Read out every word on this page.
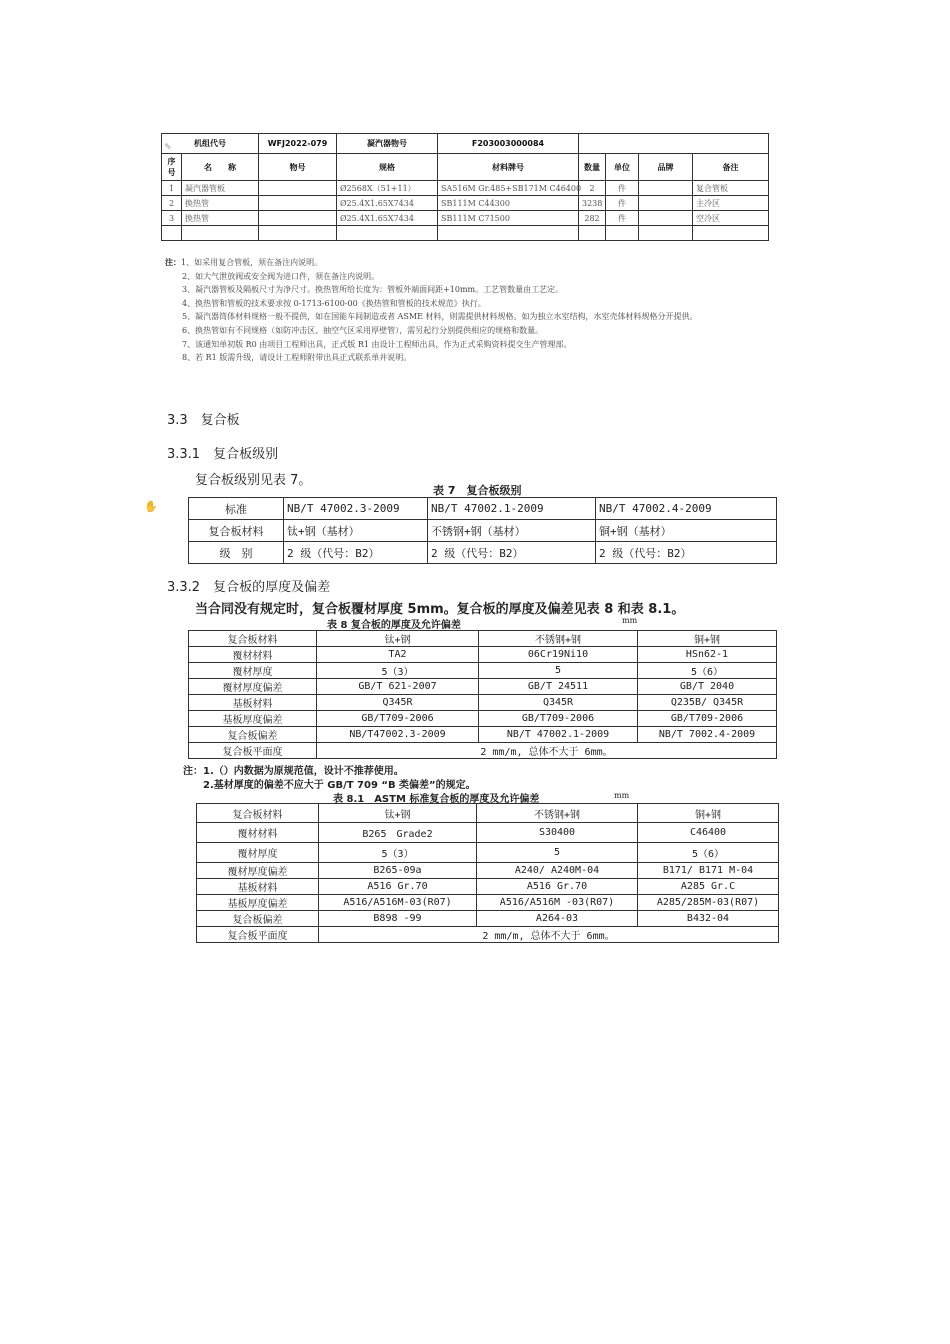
⇖	机组代号		WFJ2022-079	凝汽器物号	F203003000084				
序号	名　　称	物号	规格	材料牌号	数量	单位	品牌	备注
1	凝汽器管板		Ø2568X（51+11）	SA516M Gr.485+SB171M C46400	2	件		复合管板
2	换热管		Ø25.4X1.65X7434	SB111M C44300	3238	件		主冷区
3	换热管		Ø25.4X1.65X7434	SB111M C71500	282	件		空冷区

注：1、如采用复合管板，须在备注内说明。
2、如大气泄放阀或安全阀为进口件，须在备注内说明。
3、凝汽器管板及隔板尺寸为净尺寸。换热管所给长度为：管板外端面间距+10mm。工艺管数量由工艺定。
4、换热管和管板的技术要求按 0-1713-6100-00《换热管和管板的技术规范》执行。
5、凝汽器筒体材料规格一般不提供，如在国能车间制造或者 ASME 材料，则需提供材料规格。如为独立水室结构，水室壳体材料规格分开提供。
6、换热管如有不同规格（如防冲击区、抽空气区采用厚壁管），需另起行分别提供相应的规格和数量。
7、该通知单初版 R0 由项目工程师出具，正式版 R1 由设计工程师出具，作为正式采购资料提交生产管理部。
8、若 R1 版需升级，请设计工程师附带出具正式联系单并说明。
3.3　复合板
3.3.1　复合板级别
复合板级别见表 7。
表 7　复合板级别
✋	标准	NB/T 47002.3-2009	NB/T 47002.1-2009	NB/T 47002.4-2009
复合板材料	钛+钢（基材）	不锈钢+钢（基材）	铜+钢（基材）
级　别	2 级（代号：B2）	2 级（代号：B2）	2 级（代号：B2）
3.3.2　复合板的厚度及偏差
当合同没有规定时，复合板覆材厚度 5mm。复合板的厚度及偏差见表 8 和表 8.1。
表 8 复合板的厚度及允许偏差	mm
复合板材料	钛+钢	不锈钢+钢	铜+钢
覆材材料	TA2	06Cr19Ni10	HSn62-1
覆材厚度	5（3）	5	5（6）
覆材厚度偏差	GB/T 621-2007	GB/T 24511	GB/T 2040
基板材料	Q345R	Q345R	Q235B/ Q345R
基板厚度偏差	GB/T709-2006	GB/T709-2006	GB/T709-2006
复合板偏差	NB/T47002.3-2009	NB/T 47002.1-2009	NB/T 7002.4-2009
复合板平面度	2 mm/m, 总体不大于 6mm。		
注：1.（）内数据为原规范值，设计不推荐使用。
2.基材厚度的偏差不应大于 GB/T 709 “B 类偏差”的规定。
表 8.1　ASTM 标准复合板的厚度及允许偏差	mm
复合板材料	钛+钢	不锈钢+钢	铜+钢
覆材材料	B265　Grade2	S30400	C46400
覆材厚度	5（3）	5	5（6）
覆材厚度偏差	B265-09a	A240/ A240M-04	B171/ B171 M-04
基板材料	A516 Gr.70	A516 Gr.70	A285 Gr.C
基板厚度偏差	A516/A516M-03(R07)	A516/A516M -03(R07)	A285/285M-03(R07)
复合板偏差	B898 -99	A264-03	B432-04
复合板平面度	2 mm/m, 总体不大于 6mm。		
